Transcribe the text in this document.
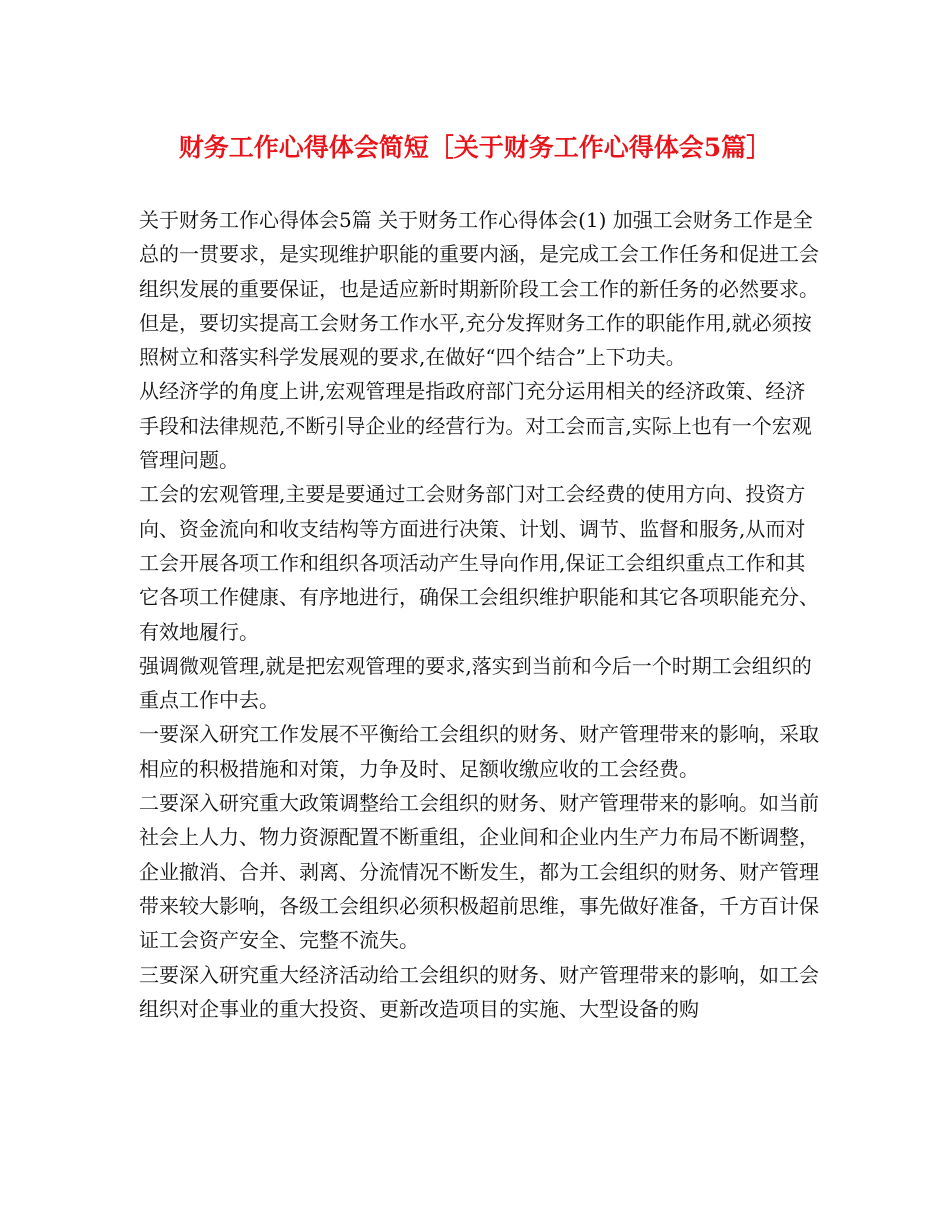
财务工作心得体会简短［关于财务工作心得体会5篇］

关于财务工作心得体会5篇 关于财务工作心得体会(1) 加强工会财务工作是全总的一贯要求，是实现维护职能的重要内涵，是完成工会工作任务和促进工会组织发展的重要保证，也是适应新时期新阶段工会工作的新任务的必然要求。但是，要切实提高工会财务工作水平,充分发挥财务工作的职能作用,就必须按照树立和落实科学发展观的要求,在做好“四个结合”上下功夫。

从经济学的角度上讲,宏观管理是指政府部门充分运用相关的经济政策、经济手段和法律规范,不断引导企业的经营行为。对工会而言,实际上也有一个宏观管理问题。

工会的宏观管理,主要是要通过工会财务部门对工会经费的使用方向、投资方向、资金流向和收支结构等方面进行决策、计划、调节、监督和服务,从而对工会开展各项工作和组织各项活动产生导向作用,保证工会组织重点工作和其它各项工作健康、有序地进行，确保工会组织维护职能和其它各项职能充分、有效地履行。

强调微观管理,就是把宏观管理的要求,落实到当前和今后一个时期工会组织的重点工作中去。

一要深入研究工作发展不平衡给工会组织的财务、财产管理带来的影响，采取相应的积极措施和对策，力争及时、足额收缴应收的工会经费。

二要深入研究重大政策调整给工会组织的财务、财产管理带来的影响。如当前社会上人力、物力资源配置不断重组，企业间和企业内生产力布局不断调整，企业撤消、合并、剥离、分流情况不断发生，都为工会组织的财务、财产管理带来较大影响，各级工会组织必须积极超前思维，事先做好准备，千方百计保证工会资产安全、完整不流失。

三要深入研究重大经济活动给工会组织的财务、财产管理带来的影响，如工会组织对企事业的重大投资、更新改造项目的实施、大型设备的购
